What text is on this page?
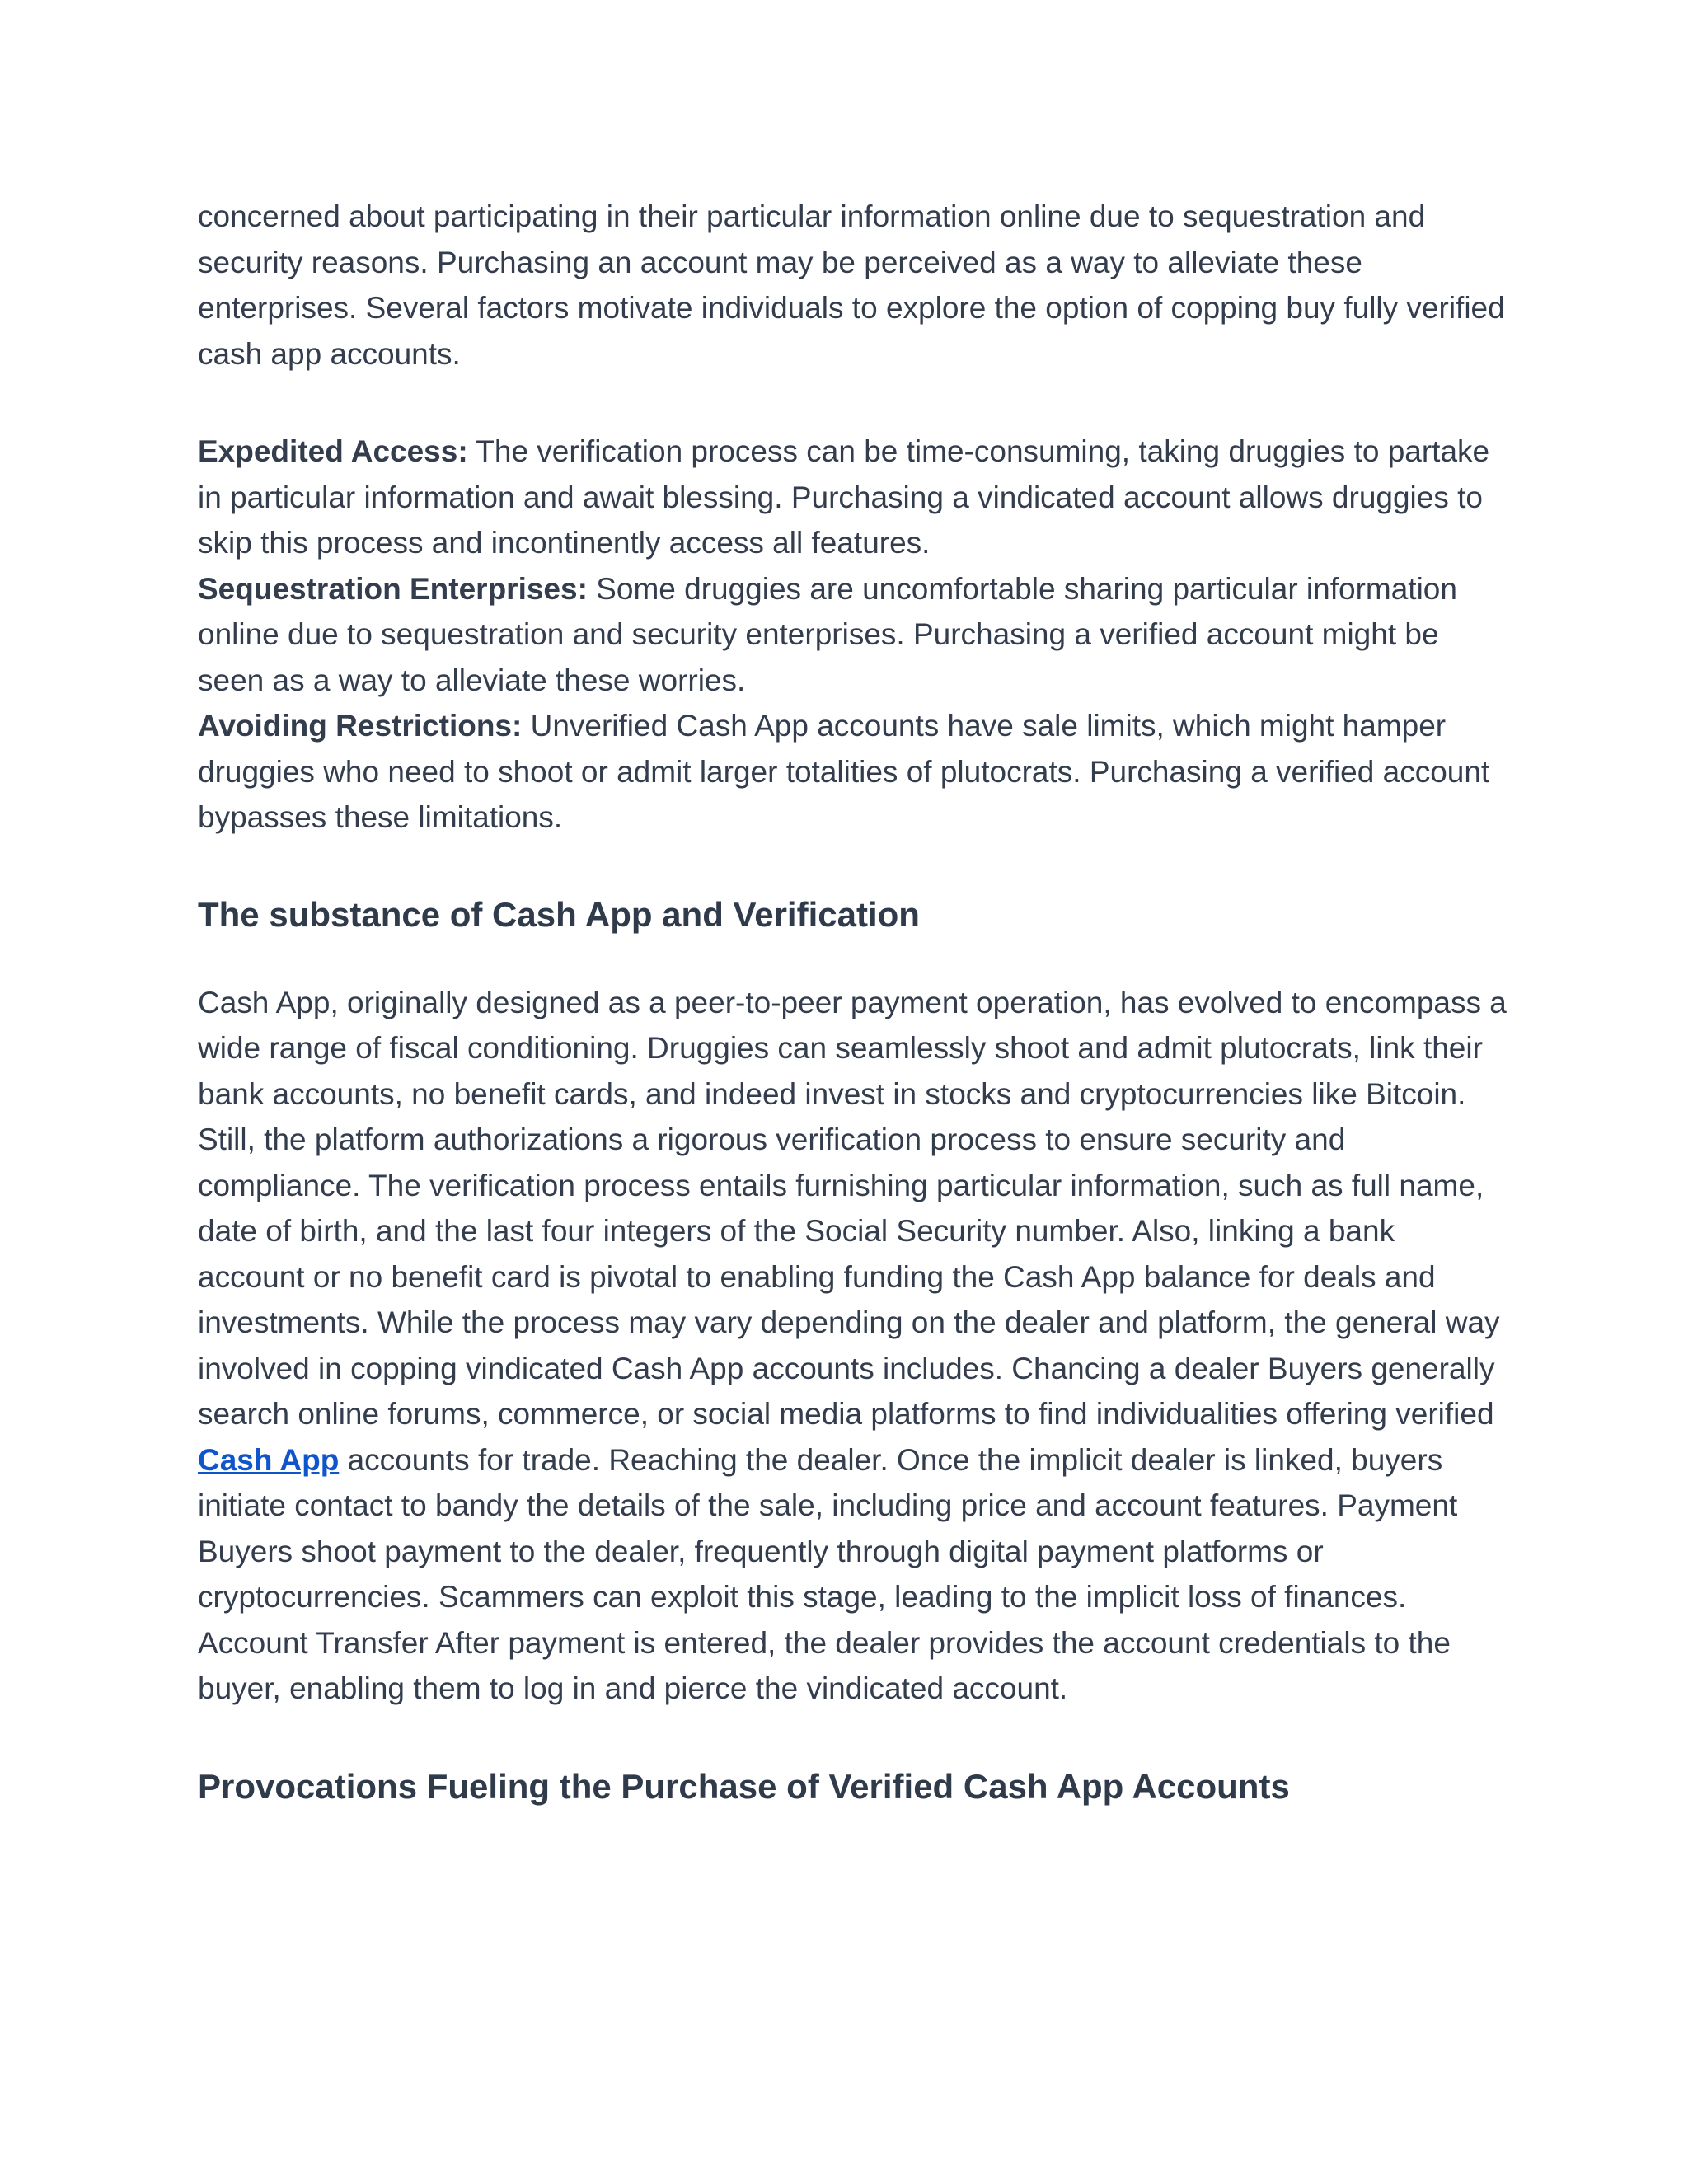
concerned about participating in their particular information online due to sequestration and security reasons. Purchasing an account may be perceived as a way to alleviate these enterprises. Several factors motivate individuals to explore the option of copping buy fully verified cash app accounts.

Expedited Access: The verification process can be time-consuming, taking druggies to partake in particular information and await blessing. Purchasing a vindicated account allows druggies to skip this process and incontinently access all features.

Sequestration Enterprises: Some druggies are uncomfortable sharing particular information online due to sequestration and security enterprises. Purchasing a verified account might be seen as a way to alleviate these worries.

Avoiding Restrictions: Unverified Cash App accounts have sale limits, which might hamper druggies who need to shoot or admit larger totalities of plutocrats. Purchasing a verified account bypasses these limitations.

The substance of Cash App and Verification

Cash App, originally designed as a peer-to-peer payment operation, has evolved to encompass a wide range of fiscal conditioning. Druggies can seamlessly shoot and admit plutocrats, link their bank accounts, no benefit cards, and indeed invest in stocks and cryptocurrencies like Bitcoin. Still, the platform authorizations a rigorous verification process to ensure security and compliance. The verification process entails furnishing particular information, such as full name, date of birth, and the last four integers of the Social Security number. Also, linking a bank account or no benefit card is pivotal to enabling funding the Cash App balance for deals and investments. While the process may vary depending on the dealer and platform, the general way involved in copping vindicated Cash App accounts includes. Chancing a dealer Buyers generally search online forums, commerce, or social media platforms to find individualities offering verified Cash App accounts for trade. Reaching the dealer. Once the implicit dealer is linked, buyers initiate contact to bandy the details of the sale, including price and account features. Payment Buyers shoot payment to the dealer, frequently through digital payment platforms or cryptocurrencies. Scammers can exploit this stage, leading to the implicit loss of finances. Account Transfer After payment is entered, the dealer provides the account credentials to the buyer, enabling them to log in and pierce the vindicated account.

Provocations Fueling the Purchase of Verified Cash App Accounts
